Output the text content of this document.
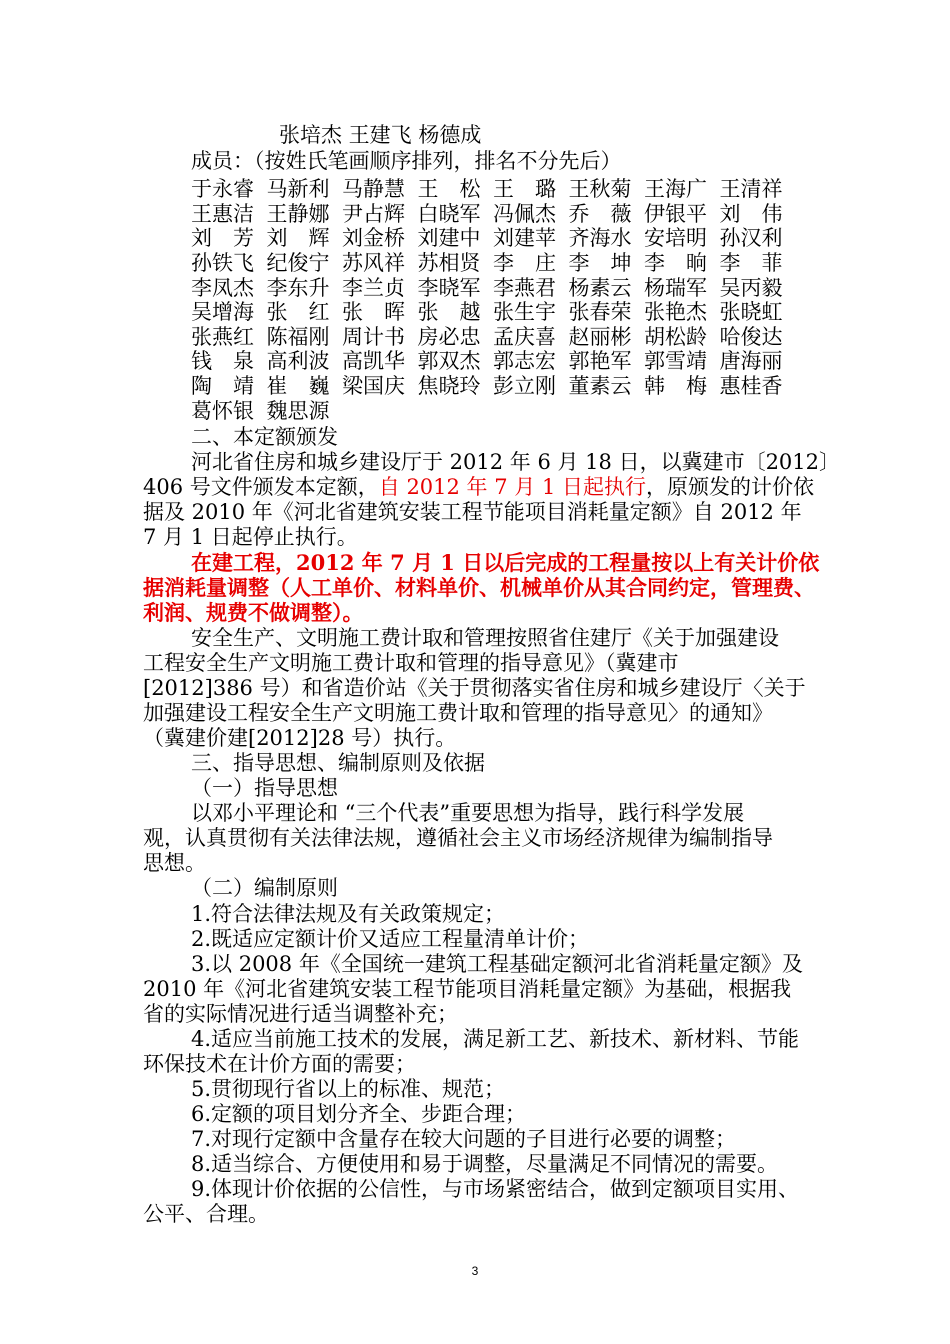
张培杰 王建飞 杨德成
成员：（按姓氏笔画顺序排列，排名不分先后）
于永睿 马新利 马静慧 王　松 王　璐 王秋菊 王海广 王清祥
王惠洁 王静娜 尹占辉 白晓军 冯佩杰 乔　薇 伊银平 刘　伟
刘　芳 刘　辉 刘金桥 刘建中 刘建苹 齐海水 安培明 孙汉利
孙铁飞 纪俊宁 苏风祥 苏相贤 李　庄 李　坤 李　晌 李　菲
李凤杰 李东升 李兰贞 李晓军 李燕君 杨素云 杨瑞军 吴丙毅
吴增海 张　红 张　晖 张　越 张生宇 张春荣 张艳杰 张晓虹
张燕红 陈福刚 周计书 房必忠 孟庆喜 赵丽彬 胡松龄 哈俊达
钱　泉 高利波 高凯华 郭双杰 郭志宏 郭艳军 郭雪靖 唐海丽
陶　靖 崔　巍 梁国庆 焦晓玲 彭立刚 董素云 韩　梅 惠桂香
葛怀银 魏思源
二、本定额颁发
河北省住房和城乡建设厅于 2012 年 6 月 18 日，以冀建市〔2012〕
406 号文件颁发本定额，自 2012 年 7 月 1 日起执行，原颁发的计价依
据及 2010 年《河北省建筑安装工程节能项目消耗量定额》自 2012 年
7 月 1 日起停止执行。
在建工程，2012 年 7 月 1 日以后完成的工程量按以上有关计价依
据消耗量调整（人工单价、材料单价、机械单价从其合同约定，管理费、
利润、规费不做调整）。
安全生产、文明施工费计取和管理按照省住建厅《关于加强建设
工程安全生产文明施工费计取和管理的指导意见》（冀建市
[2012]386 号）和省造价站《关于贯彻落实省住房和城乡建设厅〈关于
加强建设工程安全生产文明施工费计取和管理的指导意见〉的通知》
（冀建价建[2012]28 号）执行。
三、指导思想、编制原则及依据
（一）指导思想
以邓小平理论和 “三个代表”重要思想为指导，践行科学发展
观，认真贯彻有关法律法规，遵循社会主义市场经济规律为编制指导
思想。
（二）编制原则
1.符合法律法规及有关政策规定；
2.既适应定额计价又适应工程量清单计价；
3.以 2008 年《全国统一建筑工程基础定额河北省消耗量定额》及
2010 年《河北省建筑安装工程节能项目消耗量定额》为基础，根据我
省的实际情况进行适当调整补充；
4.适应当前施工技术的发展，满足新工艺、新技术、新材料、节能
环保技术在计价方面的需要；
5.贯彻现行省以上的标准、规范；
6.定额的项目划分齐全、步距合理；
7.对现行定额中含量存在较大问题的子目进行必要的调整；
8.适当综合、方便使用和易于调整，尽量满足不同情况的需要。
9.体现计价依据的公信性，与市场紧密结合，做到定额项目实用、
公平、合理。
3
